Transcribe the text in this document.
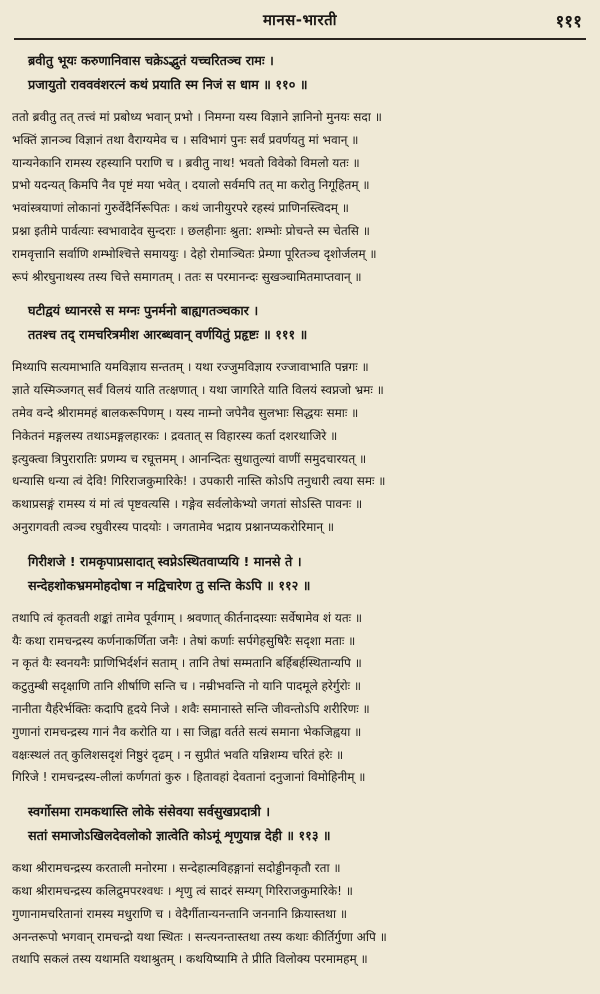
मानस-भारती	१११
ब्रवीतु भूयः करुणानिवास चक्रेऽद्भुतं यच्चरितञ्च रामः ।
प्रजायुतो रावववंशरत्नं कथं प्रयाति स्म निजं स धाम ॥ ११० ॥
ततो ब्रवीतु तत् तत्त्वं मां प्रबोध्य भवान् प्रभो । निमग्ना यस्य विज्ञाने ज्ञानिनो मुनयः सदा ॥
भक्तिं ज्ञानञ्च विज्ञानं तथा वैराग्यमेव च । सविभागं पुनः सर्वं प्रवर्णयतु मां भवान् ॥
यान्यनेकानि रामस्य रहस्यानि पराणि च । ब्रवीतु नाथ! भवतो विवेको विमलो यतः ॥
प्रभो यदन्यत् किमपि नैव पृष्टं मया भवेत् । दयालो सर्वमपि तत् मा करोतु निगूहितम् ॥
भवांस्त्रयाणां लोकानां गुरुर्वेदैर्निरूपितः । कथं जानीयुरपरे रहस्यं प्राणिनस्त्विदम् ॥
प्रश्ना इतीमे पार्वत्याः स्वभावादेव सुन्दराः । छलहीनाः श्रुता: शम्भोः प्रोचन्ते स्म चेतसि ॥
रामवृत्तानि सर्वाणि शम्भोश्चित्ते समाययुः । देहो रोमाञ्चितः प्रेम्णा पूरितञ्च दृशोर्जलम् ॥
रूपं श्रीरघुनाथस्य तस्य चित्ते समागतम् । ततः स परमानन्दः सुखञ्चामितमाप्तवान् ॥
घटीद्वयं ध्यानरसे स मग्नः पुनर्मनो बाह्यगतञ्चकार ।
ततश्च तद् रामचरित्रमीश आरब्धवान् वर्णयितुं प्रहृष्टः ॥ १११ ॥
मिथ्यापि सत्यमाभाति यमविज्ञाय सन्ततम् । यथा रज्जुमविज्ञाय रज्जावाभाति पन्नगः ॥
ज्ञाते यस्मिञ्जगत् सर्वं विलयं याति तत्क्षणात् । यथा जागरिते याति विलयं स्वप्नजो भ्रमः ॥
तमेव वन्दे श्रीराममहं बालकरूपिणम् । यस्य नाम्नो जपेनैव सुलभाः सिद्धयः समाः ॥
निकेतनं मङ्गलस्य तथाऽमङ्गलहारकः । द्रवतात् स विहारस्य कर्ता दशरथाजिरे ॥
इत्युक्त्वा त्रिपुरारातिः प्रणम्य च रघूत्तमम् । आनन्दितः सुधातुल्यां वाणीं समुदचारयत् ॥
धन्यासि धन्या त्वं देवि! गिरिराजकुमारिके! । उपकारी नास्ति कोऽपि तनुधारी त्वया समः ॥
कथाप्रसङ्गं रामस्य यं मां त्वं पृष्टवत्यसि । गङ्गेव सर्वलोकेभ्यो जगतां सोऽस्ति पावनः ॥
अनुरागवती त्वञ्च रघुवीरस्य पादयोः । जगतामेव भद्राय प्रश्नानप्यकरोरिमान् ॥
गिरीशजे ! रामकृपाप्रसादात् स्वप्नेऽस्थितवाप्ययि ! मानसे ते ।
सन्देहशोकभ्रममोहदोषा न मद्विचारेण तु सन्ति केऽपि ॥ ११२ ॥
तथापि त्वं कृतवती शङ्कां तामेव पूर्वगाम् । श्रवणात् कीर्तनादस्याः सर्वेषामेव शं यतः ॥
यैः कथा रामचन्द्रस्य कर्णनाकर्णिता जनैः । तेषां कर्णाः सर्पगेहसुषिरैः सदृशा मताः ॥
न कृतं यैः स्वनयनैः प्राणिभिर्दर्शनं सताम् । तानि तेषां सम्मतानि बर्हिबर्हस्थितान्यपि ॥
कटुतुम्बी सदृक्षाणि तानि शीर्षाणि सन्ति च । नम्रीभवन्ति नो यानि पादमूले हरेर्गुरोः ॥
नानीता यैर्हरेर्भक्तिः कदापि हृदये निजे । शवैः समानास्ते सन्ति जीवन्तोऽपि शरीरिणः ॥
गुणानां रामचन्द्रस्य गानं नैव करोति या । सा जिह्वा वर्तते सत्यं समाना भेकजिह्वया ॥
वक्षःस्थलं तत् कुलिशसदृशं निष्ठुरं दृढम् । न सुप्रीतं भवति यन्निशम्य चरितं हरेः ॥
गिरिजे ! रामचन्द्रस्य-लीलां कर्णगतां कुरु । हितावहां देवतानां दनुजानां विमोहिनीम् ॥
स्वर्गोसमा रामकथास्ति लोके संसेवया सर्वसुखप्रदात्री ।
सतां समाजोऽखिलदेवलोको ज्ञात्वेति कोऽमूं शृणुयान्न देही ॥ ११३ ॥
कथा श्रीरामचन्द्रस्य करताली मनोरमा । सन्देहात्मविहङ्गानां सदोड्डीनकृतौ रता ॥
कथा श्रीरामचन्द्रस्य कलिद्रुमपरश्वधः । शृणु त्वं सादरं सम्यग् गिरिराजकुमारिके! ॥
गुणानामचरितानां रामस्य मधुराणि च । वेदैर्गीतान्यनन्तानि जननानि क्रियास्तथा ॥
अनन्तरूपो भगवान् रामचन्द्रो यथा स्थितः । सन्त्यनन्तास्तथा तस्य कथाः कीर्तिर्गुणा अपि ॥
तथापि सकलं तस्य यथामति यथाश्रुतम् । कथयिष्यामि ते प्रीति विलोक्य परमामहम् ॥
